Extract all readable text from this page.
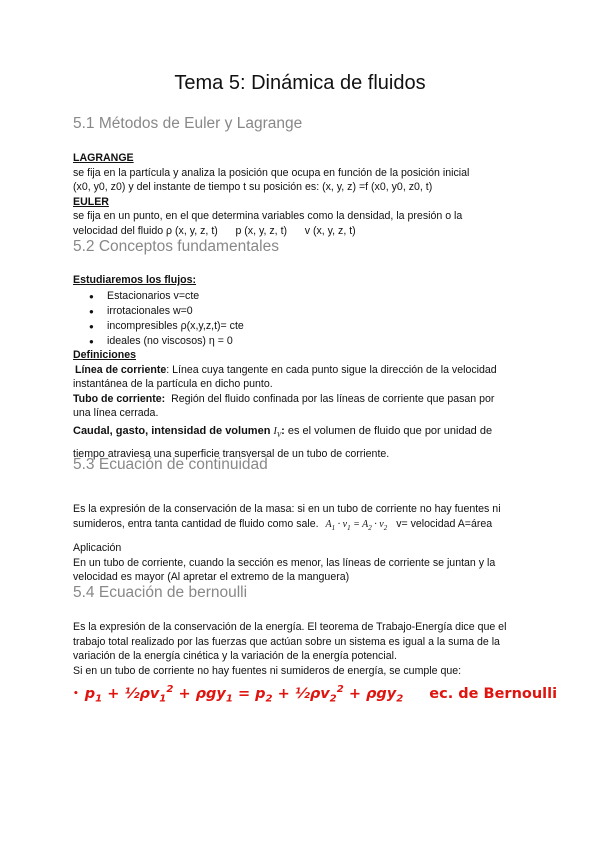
Tema 5: Dinámica de fluidos
5.1 Métodos de Euler y Lagrange
LAGRANGE
se fija en la partícula y analiza la posición que ocupa en función de la posición inicial
(x0, y0, z0) y del instante de tiempo t su posición es: (x, y, z) =f (x0, y0, z0, t)
EULER
se fija en un punto, en el que determina variables como la densidad, la presión o la
velocidad del fluido ρ (x, y, z, t)      p (x, y, z, t)      v (x, y, z, t)
5.2 Conceptos fundamentales
Estudiaremos los flujos:
● Estacionarios v=cte
● irrotacionales w=0
● incompresibles ρ(x,y,z,t)= cte
● ideales (no viscosos) η = 0
Definiciones
Línea de corriente: Línea cuya tangente en cada punto sigue la dirección de la velocidad
instantánea de la partícula en dicho punto.
Tubo de corriente:  Región del fluido confinada por las líneas de corriente que pasan por
una línea cerrada.
Caudal, gasto, intensidad de volumen $I_V$: es el volumen de fluido que por unidad de
tiempo atraviesa una superficie transversal de un tubo de corriente.
5.3 Ecuación de continuidad
Es la expresión de la conservación de la masa: si en un tubo de corriente no hay fuentes ni
sumideros, entra tanta cantidad de fluido como sale. $A_1 \cdot v_1 = A_2 \cdot v_2$ v= velocidad A=área
Aplicación
En un tubo de corriente, cuando la sección es menor, las líneas de corriente se juntan y la
velocidad es mayor (Al apretar el extremo de la manguera)
5.4 Ecuación de bernoulli
Es la expresión de la conservación de la energía. El teorema de Trabajo-Energía dice que el
trabajo total realizado por las fuerzas que actúan sobre un sistema es igual a la suma de la
variación de la energía cinética y la variación de la energía potencial.
Si en un tubo de corriente no hay fuentes ni sumideros de energía, se cumple que:
• $p_1$ + $\frac{1}{2}\rho v_1^2 + \rho gy_1 = p_2$ + $\frac{1}{2}\rho v_2^2 + \rho gy_2$ ec. de Bernoulli
